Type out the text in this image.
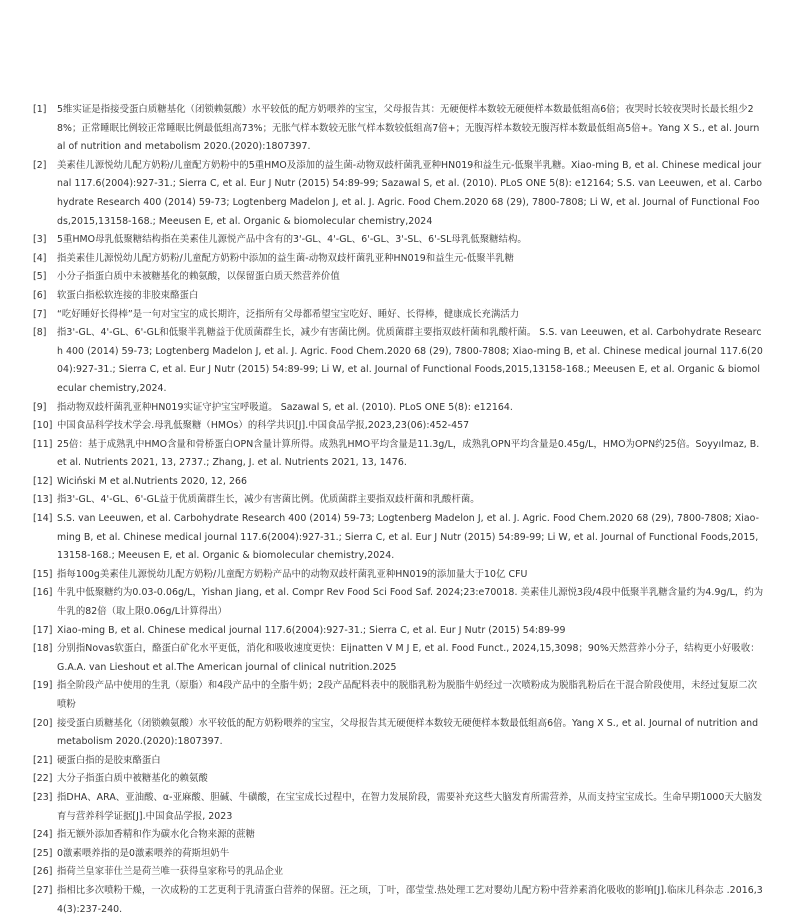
[1]	5维实证是指接受蛋白质糖基化（闭锁赖氨酸）水平较低的配方奶喂养的宝宝，父母报告其：无硬便样本数较无硬便样本数最低组高6倍；夜哭时长较夜哭时长最长组少28%；正常睡眠比例较正常睡眠比例最低组高73%；无胀气样本数较无胀气样本数较低组高7倍+；无腹泻样本数较无腹泻样本数最低组高5倍+。Yang X S., et al. Journal of nutrition and metabolism 2020.(2020):1807397.
[2]	美素佳儿源悦幼儿配方奶粉/儿童配方奶粉中的5重HMO及添加的益生菌-动物双歧杆菌乳亚种HN019和益生元-低聚半乳糖。Xiao-ming B, et al. Chinese medical journal 117.6(2004):927-31.; Sierra C, et al. Eur J Nutr (2015) 54:89-99; Sazawal S, et al. (2010). PLoS ONE 5(8): e12164; S.S. van Leeuwen, et al. Carbohydrate Research 400 (2014) 59-73; Logtenberg Madelon J, et al. J. Agric. Food Chem.2020 68 (29), 7800-7808; Li W, et al. Journal of Functional Foods,2015,13158-168.; Meeusen E, et al. Organic & biomolecular chemistry,2024
[3]	5重HMO母乳低聚糖结构指在美素佳儿源悦产品中含有的3'-GL、4'-GL、6'-GL、3'-SL、6'-SL母乳低聚糖结构。
[4]	指美素佳儿源悦幼儿配方奶粉/儿童配方奶粉中添加的益生菌-动物双歧杆菌乳亚种HN019和益生元-低聚半乳糖
[5]	小分子指蛋白质中未被糖基化的赖氨酸，以保留蛋白质天然营养价值
[6]	软蛋白指松软连接的非胶束酪蛋白
[7]	“吃好睡好长得棒”是一句对宝宝的成长期许，泛指所有父母都希望宝宝吃好、睡好、长得棒，健康成长充满活力
[8]	指3'-GL、4'-GL、6'-GL和低聚半乳糖益于优质菌群生长，减少有害菌比例。优质菌群主要指双歧杆菌和乳酸杆菌。 S.S. van Leeuwen, et al. Carbohydrate Research 400 (2014) 59-73; Logtenberg Madelon J, et al. J. Agric. Food Chem.2020 68 (29), 7800-7808; Xiao-ming B, et al. Chinese medical journal 117.6(2004):927-31.; Sierra C, et al. Eur J Nutr (2015) 54:89-99; Li W, et al. Journal of Functional Foods,2015,13158-168.; Meeusen E, et al. Organic & biomolecular chemistry,2024.
[9]	指动物双歧杆菌乳亚种HN019实证守护宝宝呼吸道。 Sazawal S, et al. (2010). PLoS ONE 5(8): e12164.
[10] 中国食品科学技术学会.母乳低聚糖（HMOs）的科学共识[J].中国食品学报,2023,23(06):452-457
[11] 25倍：基于成熟乳中HMO含量和骨桥蛋白OPN含量计算所得。成熟乳HMO平均含量是11.3g/L，成熟乳OPN平均含量是0.45g/L，HMO为OPN约25倍。Soyyılmaz, B. et al. Nutrients 2021, 13, 2737.; Zhang, J. et al. Nutrients 2021, 13, 1476.
[12] Wiciński M et al.Nutrients 2020, 12, 266
[13] 指3'-GL、4'-GL、6'-GL益于优质菌群生长，减少有害菌比例。优质菌群主要指双歧杆菌和乳酸杆菌。
[14] S.S. van Leeuwen, et al. Carbohydrate Research 400 (2014) 59-73; Logtenberg Madelon J, et al. J. Agric. Food Chem.2020 68 (29), 7800-7808; Xiao-ming B, et al. Chinese medical journal 117.6(2004):927-31.; Sierra C, et al. Eur J Nutr (2015) 54:89-99; Li W, et al. Journal of Functional Foods,2015,13158-168.; Meeusen E, et al. Organic & biomolecular chemistry,2024.
[15] 指每100g美素佳儿源悦幼儿配方奶粉/儿童配方奶粉产品中的动物双歧杆菌乳亚种HN019的添加量大于10亿 CFU
[16] 牛乳中低聚糖约为0.03-0.06g/L，Yishan Jiang, et al. Compr Rev Food Sci Food Saf. 2024;23:e70018. 美素佳儿源悦3段/4段中低聚半乳糖含量约为4.9g/L，约为牛乳的82倍（取上限0.06g/L计算得出）
[17] Xiao-ming B, et al. Chinese medical journal 117.6(2004):927-31.; Sierra C, et al. Eur J Nutr (2015) 54:89-99
[18] 分别指Novas软蛋白，酪蛋白矿化水平更低，消化和吸收速度更快：Eijnatten V M J E, et al. Food Funct., 2024,15,3098；90%天然营养小分子，结构更小好吸收：G.A.A. van Lieshout et al.The American journal of clinical nutrition.2025
[19] 指全阶段产品中使用的生乳（原脂）和4段产品中的全脂牛奶；2段产品配料表中的脱脂乳粉为脱脂牛奶经过一次喷粉成为脱脂乳粉后在干混合阶段使用，未经过复原二次喷粉
[20] 接受蛋白质糖基化（闭锁赖氨酸）水平较低的配方奶粉喂养的宝宝，父母报告其无硬便样本数较无硬便样本数最低组高6倍。Yang X S., et al. Journal of nutrition and metabolism 2020.(2020):1807397.
[21] 硬蛋白指的是胶束酪蛋白
[22] 大分子指蛋白质中被糖基化的赖氨酸
[23] 指DHA、ARA、亚油酸、α-亚麻酸、胆碱、牛磺酸，在宝宝成长过程中，在智力发展阶段，需要补充这些大脑发育所需营养，从而支持宝宝成长。生命早期1000天大脑发育与营养科学证据[J].中国食品学报, 2023
[24] 指无额外添加香精和作为碳水化合物来源的蔗糖
[25] 0激素喂养指的是0激素喂养的荷斯坦奶牛
[26] 指荷兰皇家菲仕兰是荷兰唯一获得皇家称号的乳品企业
[27] 指相比多次喷粉干燥，一次成粉的工艺更利于乳清蛋白营养的保留。汪之顼，丁叶，邵莹莹.热处理工艺对婴幼儿配方粉中营养素消化吸收的影响[J].临床儿科杂志 .2016,34(3):237-240.
